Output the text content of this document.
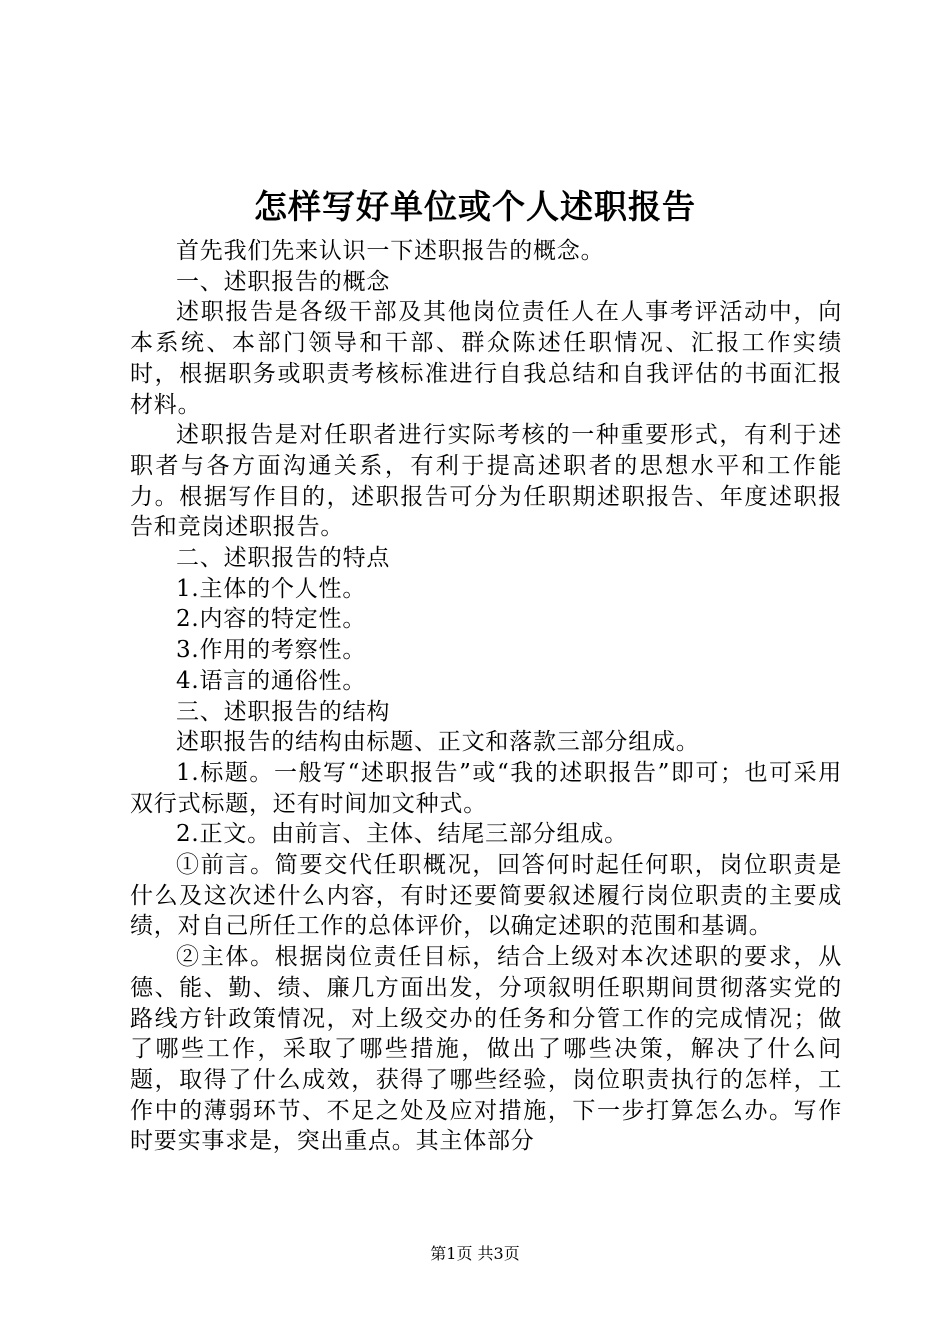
怎样写好单位或个人述职报告

首先我们先来认识一下述职报告的概念。

一、述职报告的概念

述职报告是各级干部及其他岗位责任人在人事考评活动中，向本系统、本部门领导和干部、群众陈述任职情况、汇报工作实绩时，根据职务或职责考核标准进行自我总结和自我评估的书面汇报材料。

述职报告是对任职者进行实际考核的一种重要形式，有利于述职者与各方面沟通关系，有利于提高述职者的思想水平和工作能力。根据写作目的，述职报告可分为任职期述职报告、年度述职报告和竞岗述职报告。

二、述职报告的特点

1.主体的个人性。

2.内容的特定性。

3.作用的考察性。

4.语言的通俗性。

三、述职报告的结构

述职报告的结构由标题、正文和落款三部分组成。

1.标题。一般写“述职报告”或“我的述职报告”即可；也可采用双行式标题，还有时间加文种式。

2.正文。由前言、主体、结尾三部分组成。

①前言。简要交代任职概况，回答何时起任何职，岗位职责是什么及这次述什么内容，有时还要简要叙述履行岗位职责的主要成绩，对自己所任工作的总体评价，以确定述职的范围和基调。

②主体。根据岗位责任目标，结合上级对本次述职的要求，从德、能、勤、绩、廉几方面出发，分项叙明任职期间贯彻落实党的路线方针政策情况，对上级交办的任务和分管工作的完成情况；做了哪些工作，采取了哪些措施，做出了哪些决策，解决了什么问题，取得了什么成效，获得了哪些经验，岗位职责执行的怎样，工作中的薄弱环节、不足之处及应对措施，下一步打算怎么办。写作时要实事求是，突出重点。其主体部分

第1页 共3页
